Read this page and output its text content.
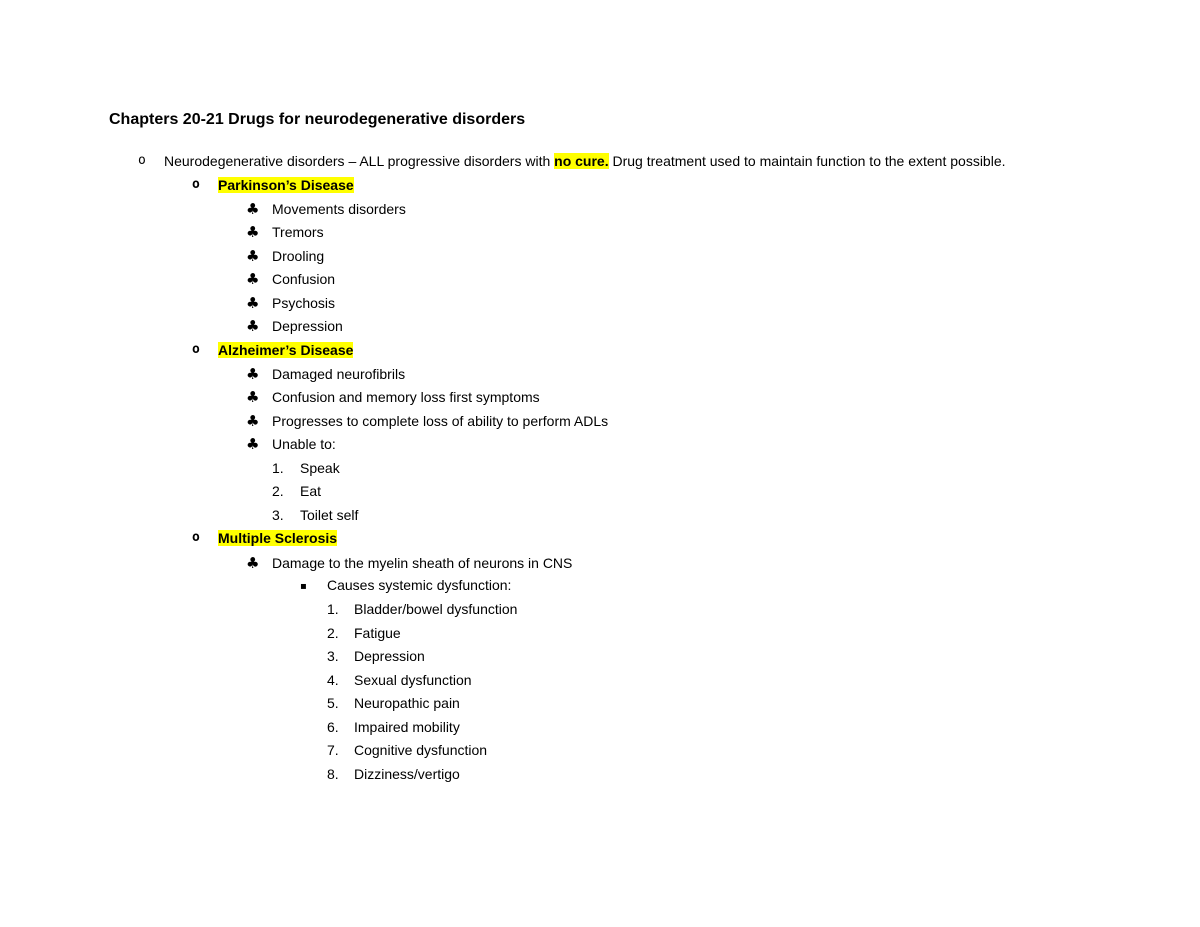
Chapters 20-21 Drugs for neurodegenerative disorders
o Neurodegenerative disorders – ALL progressive disorders with no cure. Drug treatment used to maintain function to the extent possible.
o Parkinson’s Disease
♣ Movements disorders
♣ Tremors
♣ Drooling
♣ Confusion
♣ Psychosis
♣ Depression
o Alzheimer’s Disease
♣ Damaged neurofibrils
♣ Confusion and memory loss first symptoms
♣ Progresses to complete loss of ability to perform ADLs
♣ Unable to:
1. Speak
2. Eat
3. Toilet self
o Multiple Sclerosis
♣ Damage to the myelin sheath of neurons in CNS
▪ Causes systemic dysfunction:
1. Bladder/bowel dysfunction
2. Fatigue
3. Depression
4. Sexual dysfunction
5. Neuropathic pain
6. Impaired mobility
7. Cognitive dysfunction
8. Dizziness/vertigo
